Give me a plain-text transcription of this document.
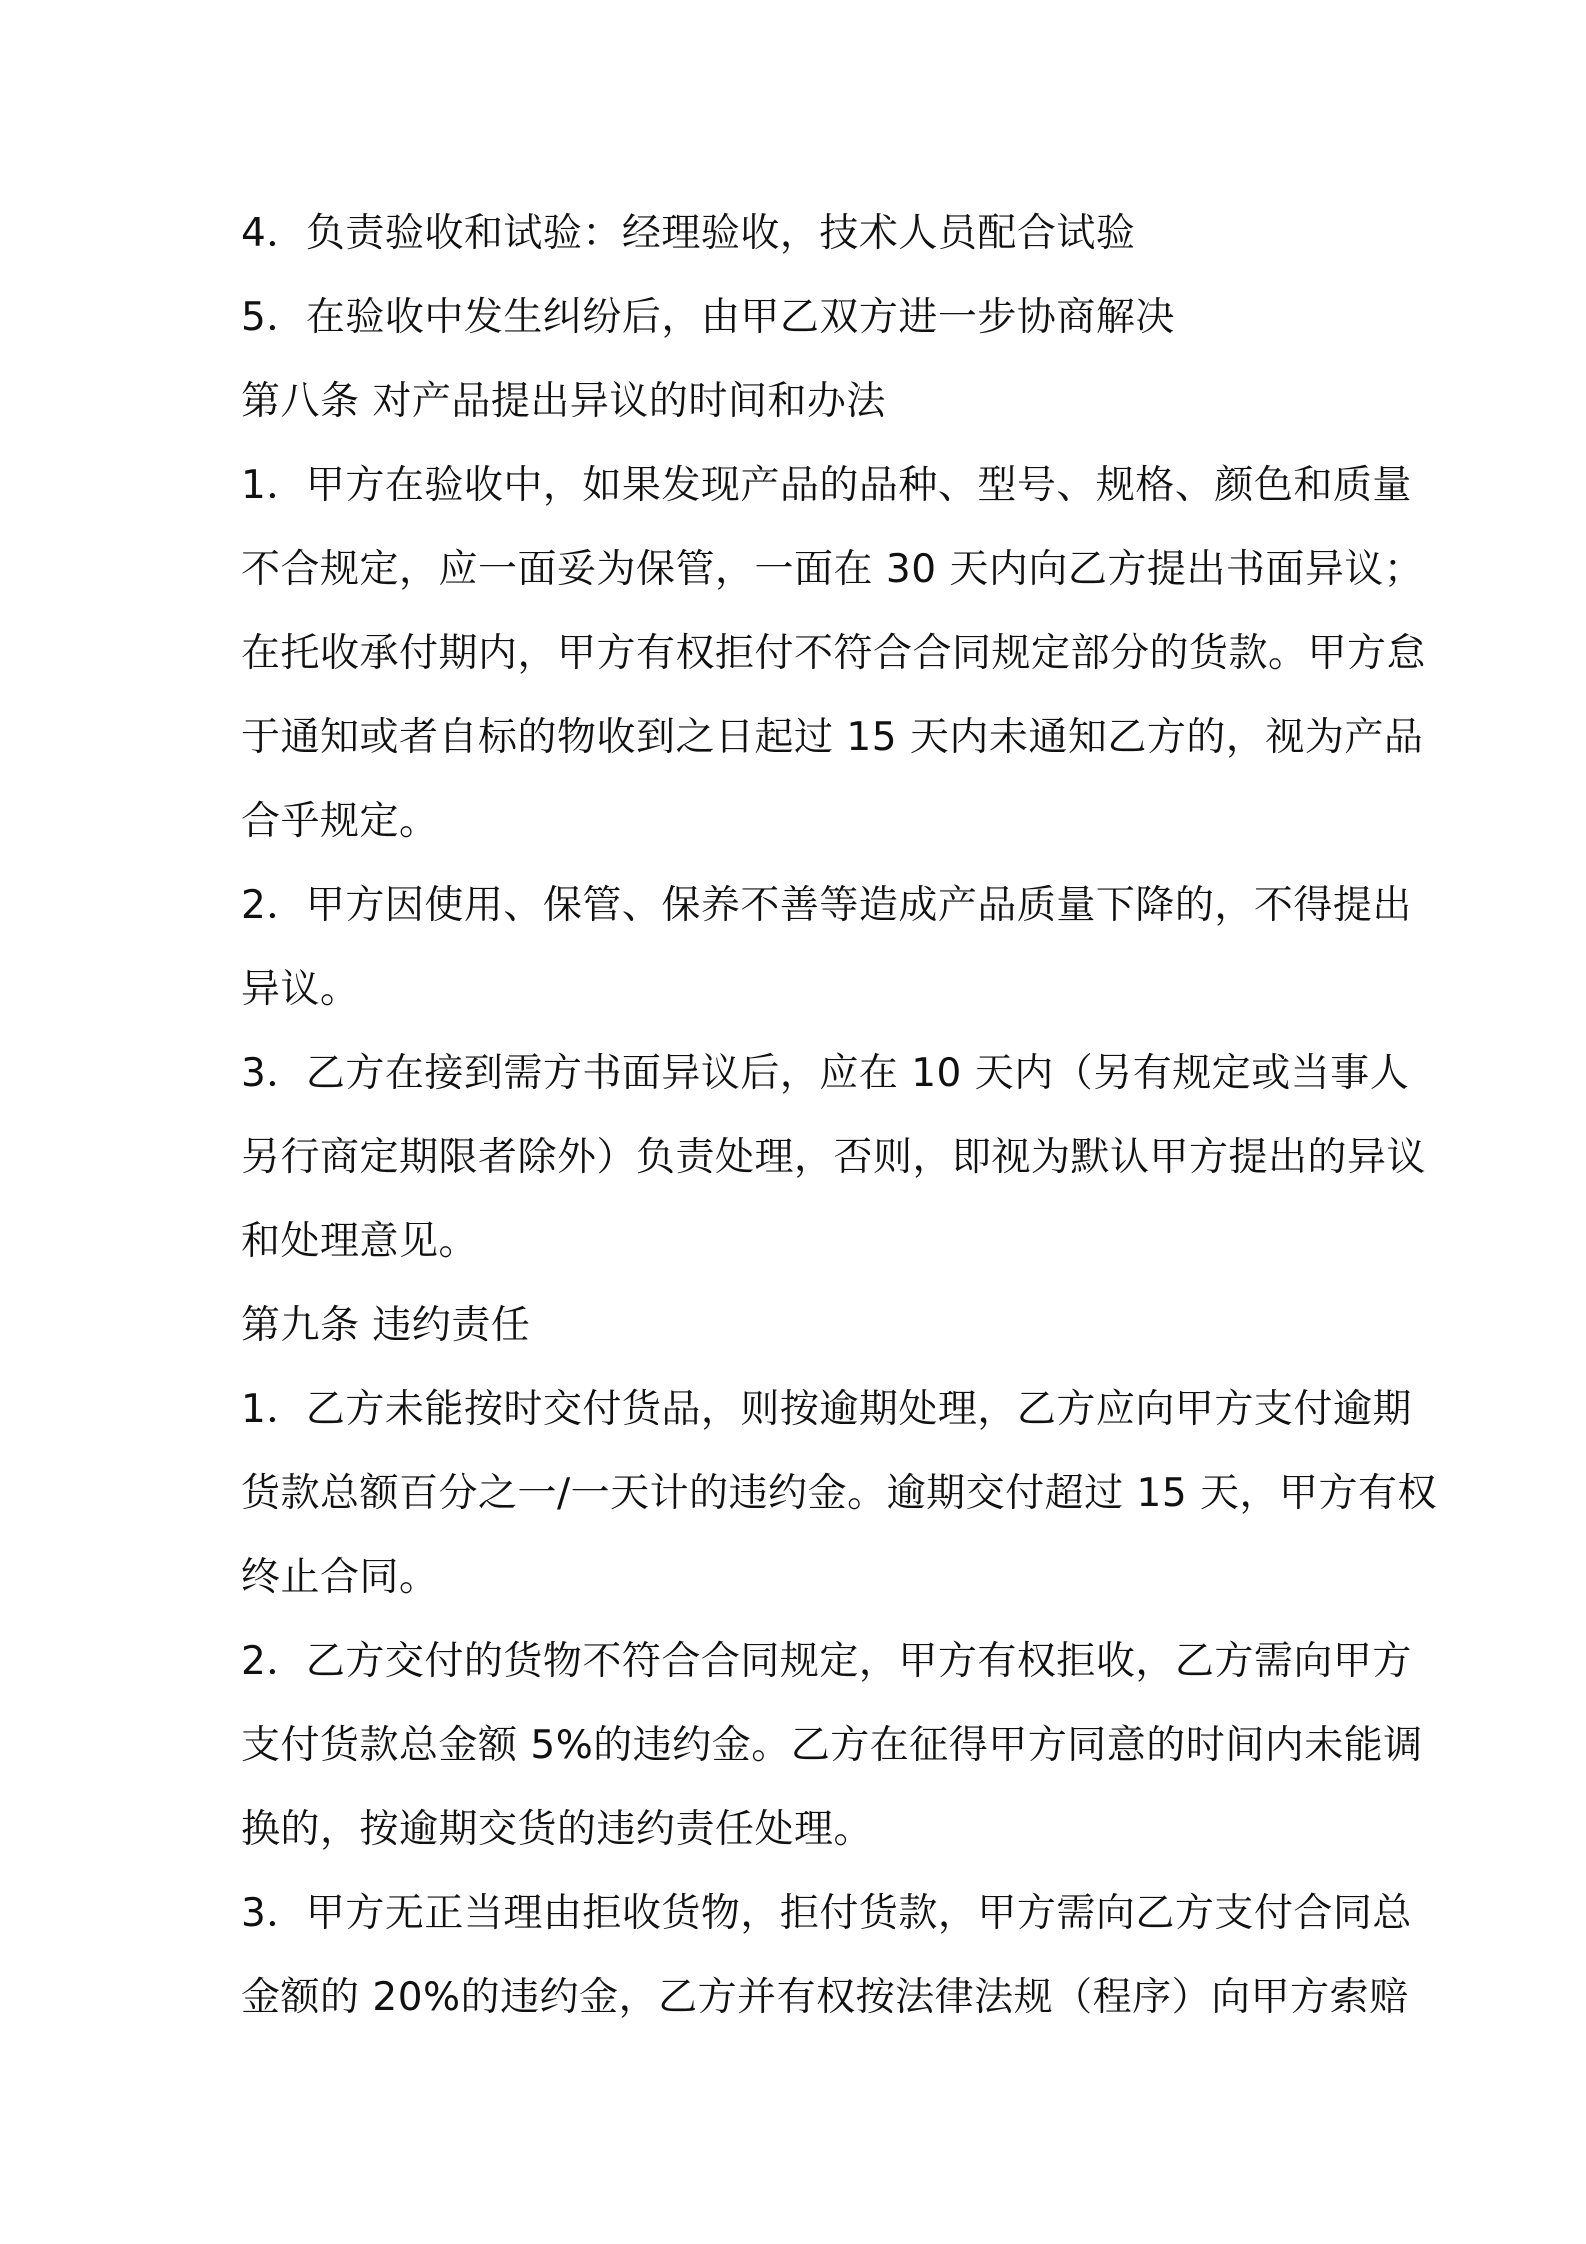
4．负责验收和试验：经理验收，技术人员配合试验
5．在验收中发生纠纷后，由甲乙双方进一步协商解决
第八条 对产品提出异议的时间和办法
1．甲方在验收中，如果发现产品的品种、型号、规格、颜色和质量
不合规定，应一面妥为保管，一面在 30 天内向乙方提出书面异议；
在托收承付期内，甲方有权拒付不符合合同规定部分的货款。甲方怠
于通知或者自标的物收到之日起过 15 天内未通知乙方的，视为产品
合乎规定。
2．甲方因使用、保管、保养不善等造成产品质量下降的，不得提出
异议。
3．乙方在接到需方书面异议后，应在 10 天内（另有规定或当事人
另行商定期限者除外）负责处理，否则，即视为默认甲方提出的异议
和处理意见。
第九条 违约责任
1．乙方未能按时交付货品，则按逾期处理，乙方应向甲方支付逾期
货款总额百分之一/一天计的违约金。逾期交付超过 15 天，甲方有权
终止合同。
2．乙方交付的货物不符合合同规定，甲方有权拒收，乙方需向甲方
支付货款总金额 5%的违约金。乙方在征得甲方同意的时间内未能调
换的，按逾期交货的违约责任处理。
3．甲方无正当理由拒收货物，拒付货款，甲方需向乙方支付合同总
金额的 20%的违约金，乙方并有权按法律法规（程序）向甲方索赔
